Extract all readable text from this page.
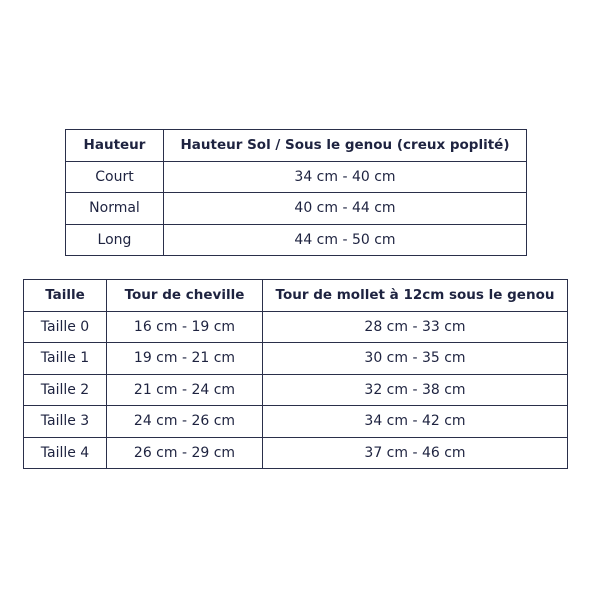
Hauteur	Hauteur Sol / Sous le genou (creux poplité)
Court	34 cm - 40 cm
Normal	40 cm - 44 cm
Long	44 cm - 50 cm
Taille	Tour de cheville	Tour de mollet à 12cm sous le genou
Taille 0	16 cm - 19 cm	28 cm - 33 cm
Taille 1	19 cm - 21 cm	30 cm - 35 cm
Taille 2	21 cm - 24 cm	32 cm - 38 cm
Taille 3	24 cm - 26 cm	34 cm - 42 cm
Taille 4	26 cm - 29 cm	37 cm - 46 cm
